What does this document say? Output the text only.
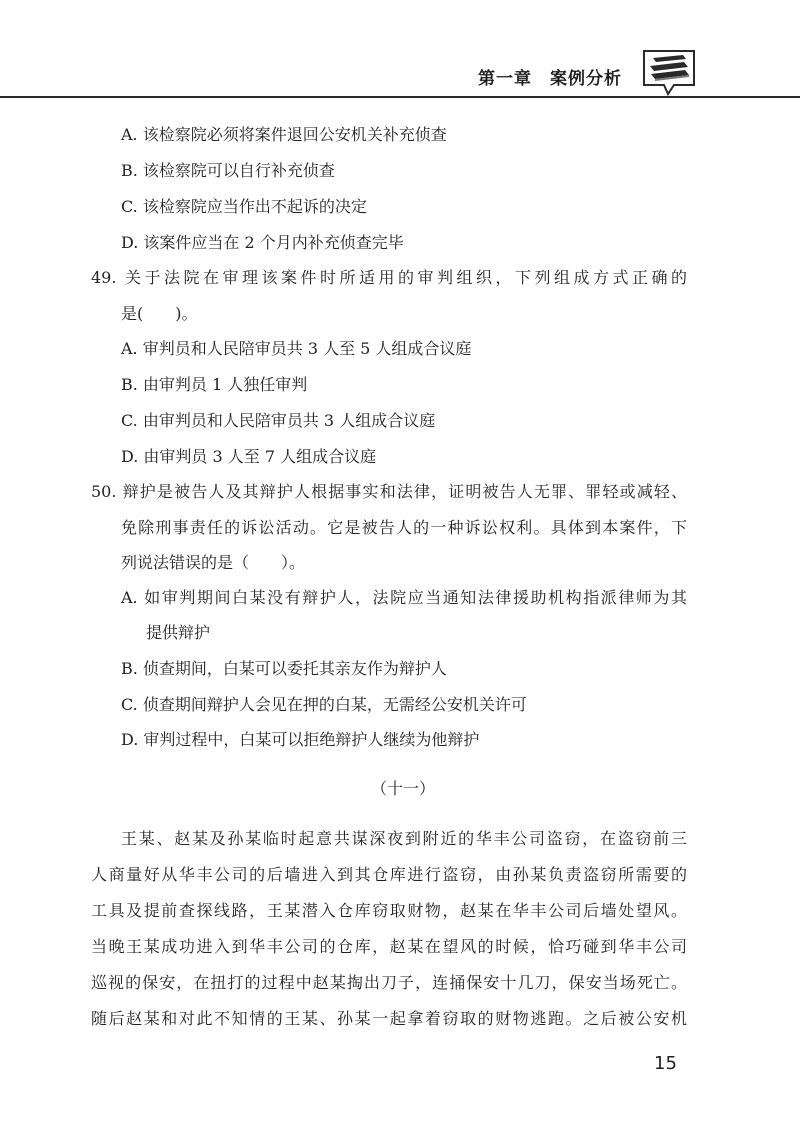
第一章　案例分析
A. 该检察院必须将案件退回公安机关补充侦查
B. 该检察院可以自行补充侦查
C. 该检察院应当作出不起诉的决定
D. 该案件应当在 2 个月内补充侦查完毕
49. 关于法院在审理该案件时所适用的审判组织，下列组成方式正确的
是(　　)。
A. 审判员和人民陪审员共 3 人至 5 人组成合议庭
B. 由审判员 1 人独任审判
C. 由审判员和人民陪审员共 3 人组成合议庭
D. 由审判员 3 人至 7 人组成合议庭
50. 辩护是被告人及其辩护人根据事实和法律，证明被告人无罪、罪轻或减轻、
免除刑事责任的诉讼活动。它是被告人的一种诉讼权利。具体到本案件，下
列说法错误的是（　　）。
A. 如审判期间白某没有辩护人，法院应当通知法律援助机构指派律师为其
提供辩护
B. 侦查期间，白某可以委托其亲友作为辩护人
C. 侦查期间辩护人会见在押的白某，无需经公安机关许可
D. 审判过程中，白某可以拒绝辩护人继续为他辩护
（十一）
王某、赵某及孙某临时起意共谋深夜到附近的华丰公司盗窃，在盗窃前三
人商量好从华丰公司的后墙进入到其仓库进行盗窃，由孙某负责盗窃所需要的
工具及提前查探线路，王某潜入仓库窃取财物，赵某在华丰公司后墙处望风。
当晚王某成功进入到华丰公司的仓库，赵某在望风的时候，恰巧碰到华丰公司
巡视的保安，在扭打的过程中赵某掏出刀子，连捅保安十几刀，保安当场死亡。
随后赵某和对此不知情的王某、孙某一起拿着窃取的财物逃跑。之后被公安机
15
